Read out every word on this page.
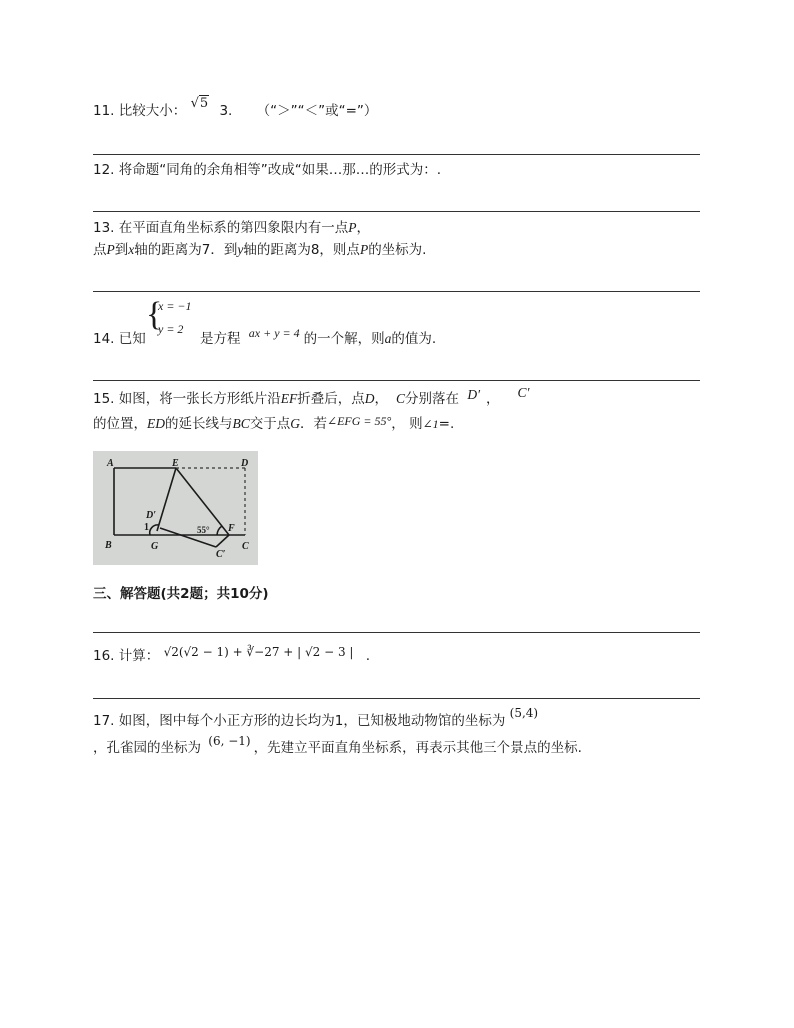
11. 比较大小： √5 3. （“＞”“＜”或“=”）
12. 将命题“同角的余角相等”改成“如果…那…的形式为：.
13. 在平面直角坐标系的第四象限内有一点P，
点P到x轴的距离为7．到y轴的距离为8，则点P的坐标为.
14. 已知
{
x = −1
y = 2
是方程 ax + y = 4 的一个解，则a的值为.
15. 如图，将一张长方形纸片沿EF折叠后，点D， C分别落在 D′ ， C′
的位置，ED的延长线与BC交于点G．若∠EFG = 55°， 则∠1=.
A	E	D
D′
1	55° F
B	G
C′
C
三、解答题(共2题；共10分)
16. 计算： √2(√2 − 1) + ∛−27 + | √2 − 3 | .
17. 如图，图中每个小正方形的边长均为1，已知极地动物馆的坐标为 (5,4)
，孔雀园的坐标为 (6, −1) ，先建立平面直角坐标系，再表示其他三个景点的坐标.
